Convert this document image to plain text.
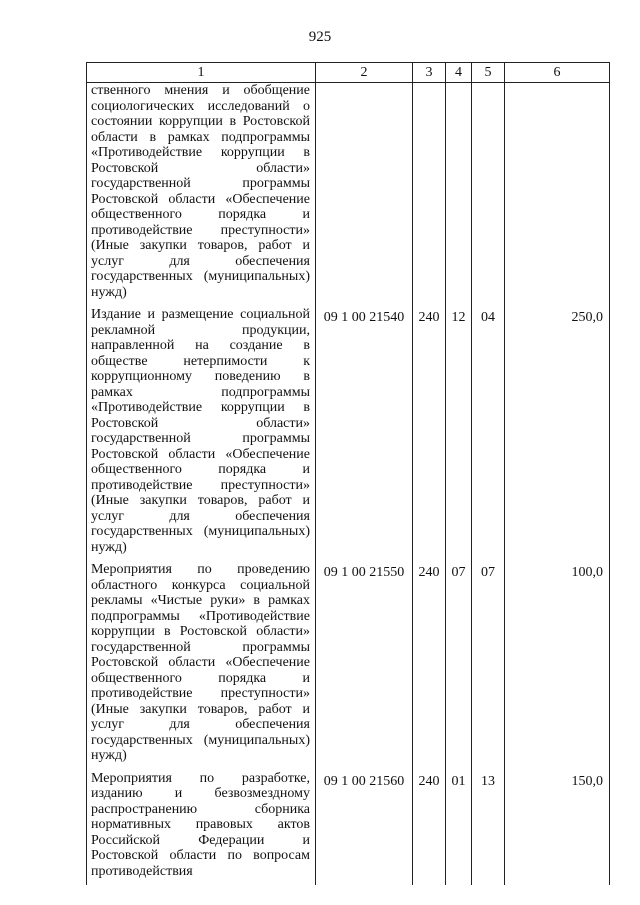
925
1	2	3	4	5	6
ственного мнения и обобщение социологических исследований о состоянии коррупции в Ростовской области в рамках подпрограммы «Противодействие коррупции в Ростовской области» государственной программы Ростовской области «Обеспечение общественного порядка и противодействие преступности» (Иные закупки товаров, работ и услуг для обеспечения государственных (муниципальных) нужд)					
Издание и размещение социальной рекламной продукции, направленной на создание в обществе нетерпимости к коррупционному поведению в рамках подпрограммы «Противодействие коррупции в Ростовской области» государственной программы Ростовской области «Обеспечение общественного порядка и противодействие преступности» (Иные закупки товаров, работ и услуг для обеспечения государственных (муниципальных) нужд)	09 1 00 21540	240	12	04	250,0
Мероприятия по проведению областного конкурса социальной рекламы «Чистые руки» в рамках подпрограммы «Противодействие коррупции в Ростовской области» государственной программы Ростовской области «Обеспечение общественного порядка и противодействие преступности» (Иные закупки товаров, работ и услуг для обеспечения государственных (муниципальных) нужд)	09 1 00 21550	240	07	07	100,0
Мероприятия по разработке, изданию и безвозмездному распространению сборника нормативных правовых актов Российской Федерации и Ростовской области по вопросам противодействия	09 1 00 21560	240	01	13	150,0
